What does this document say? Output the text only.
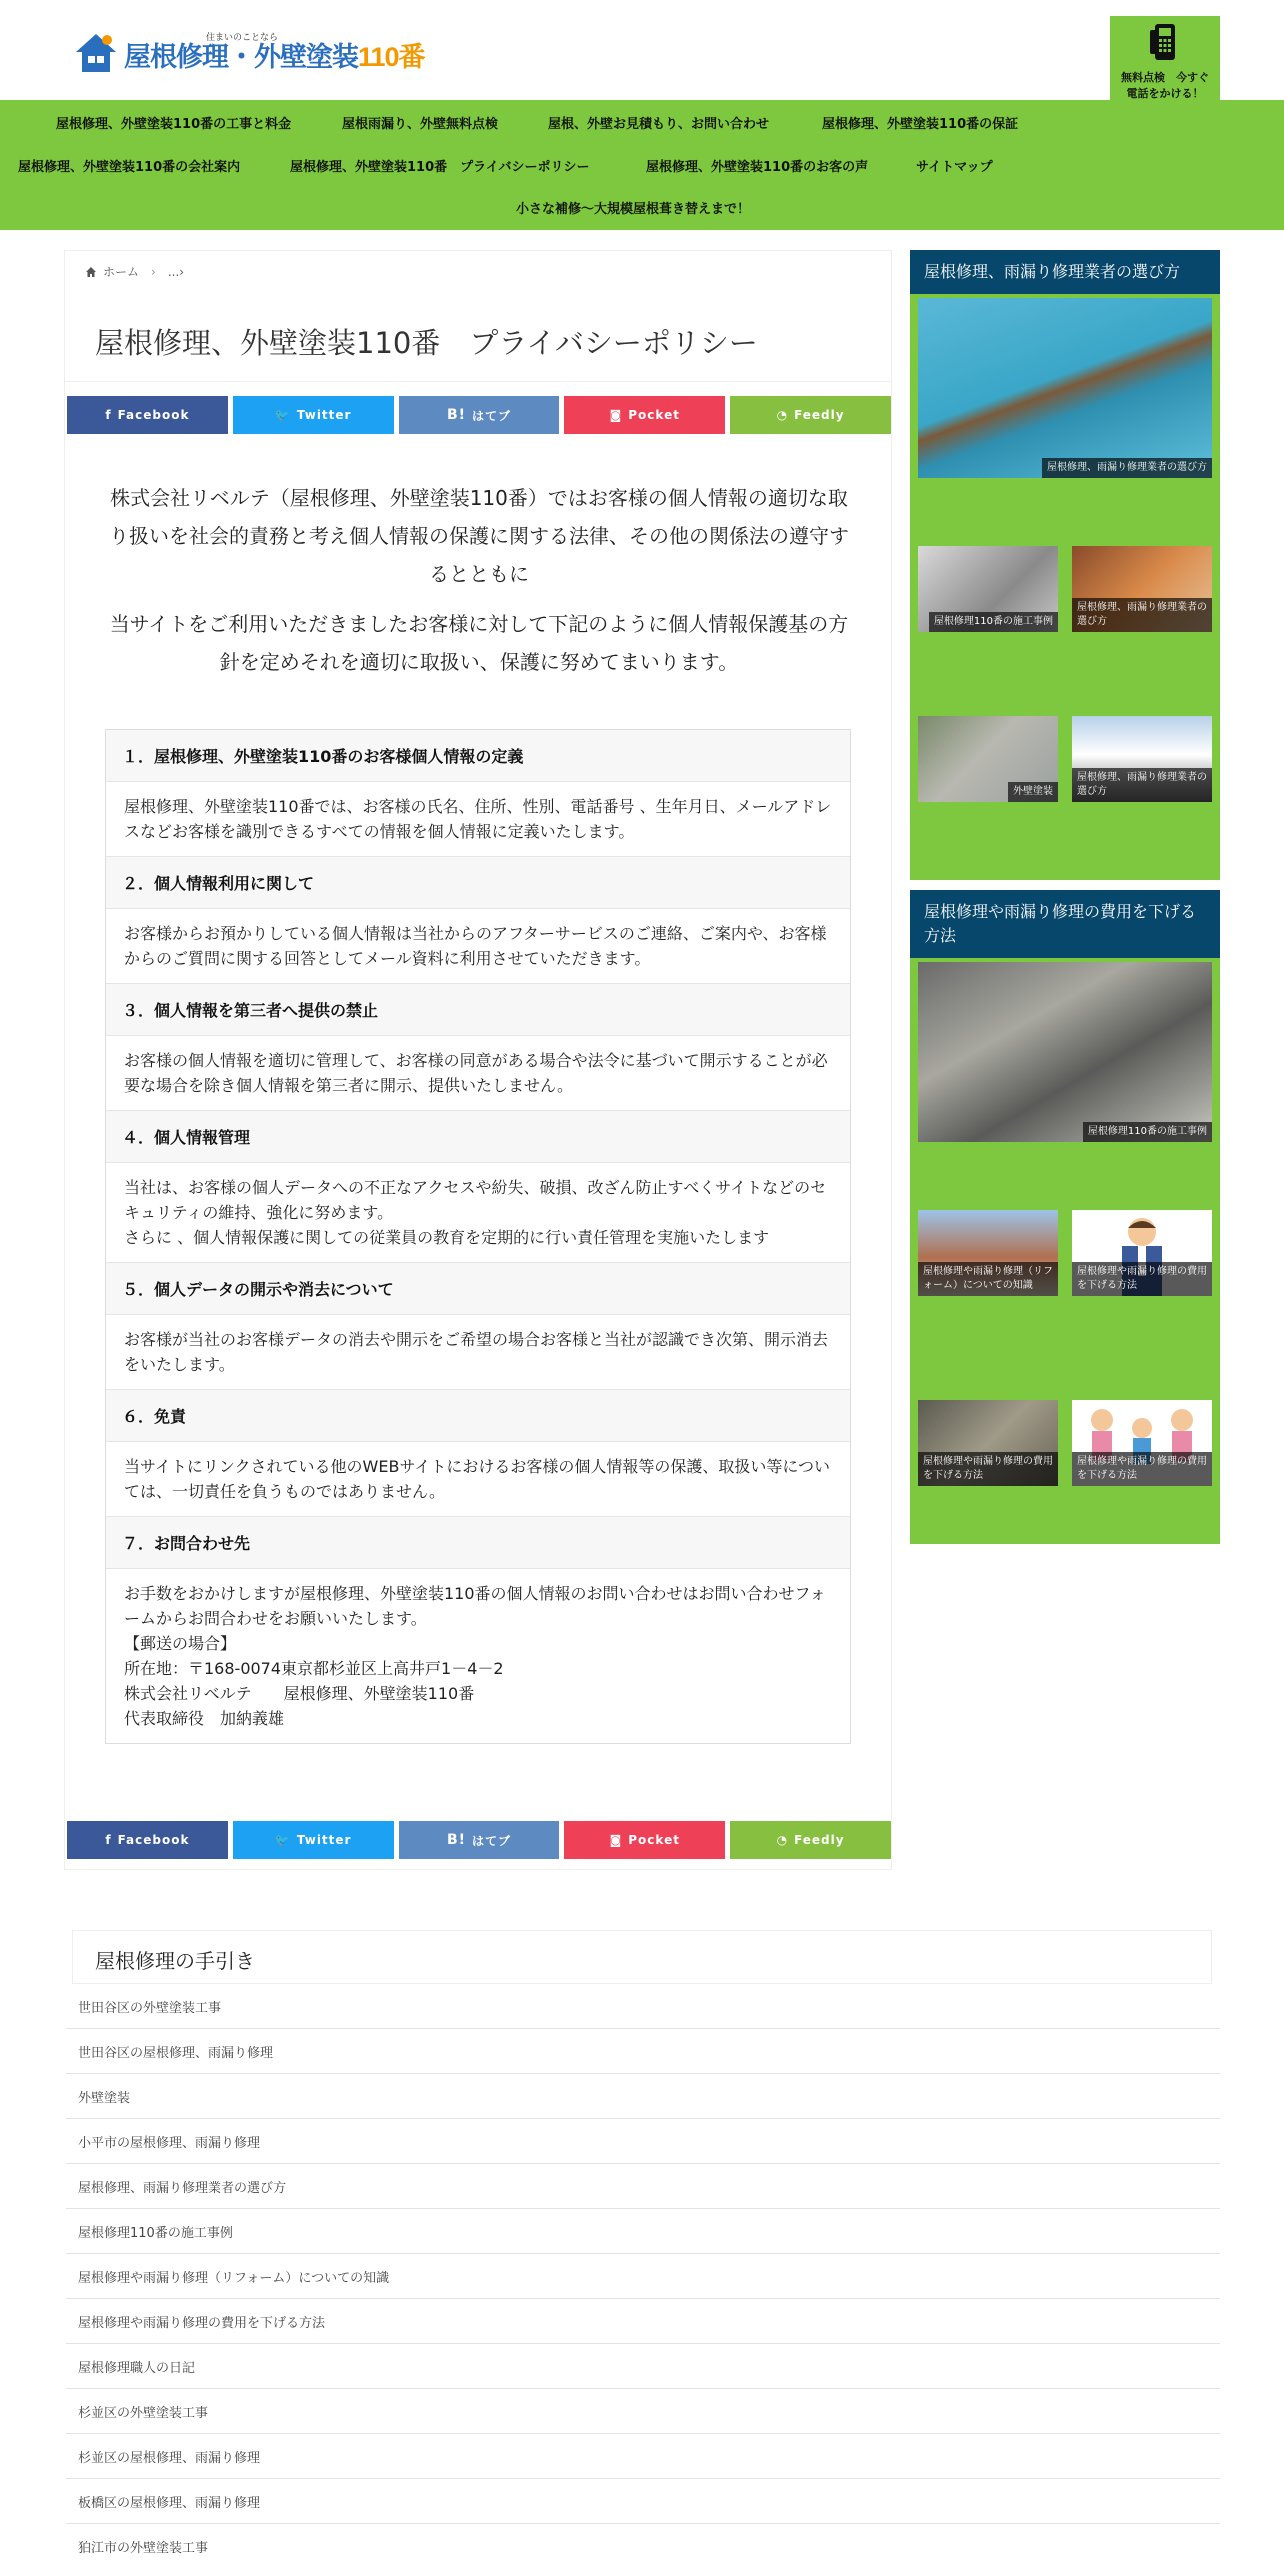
住まいのことなら
屋根修理・外壁塗装110番
無料点検　今すぐ
電話をかける！
屋根修理、外壁塗装110番の工事と料金	屋根雨漏り、外壁無料点検	屋根、外壁お見積もり、お問い合わせ	屋根修理、外壁塗装110番の保証
屋根修理、外壁塗装110番の会社案内	屋根修理、外壁塗装110番　プライバシーポリシー	屋根修理、外壁塗装110番のお客の声	サイトマップ
小さな補修～大規模屋根葺き替えまで！
ホーム › ...›
屋根修理、外壁塗装110番　プライバシーポリシー
f Facebook	🐦 Twitter	B! はてブ	◙ Pocket	◔ Feedly

株式会社リベルテ（屋根修理、外壁塗装110番）ではお客様の個人情報の適切な取り扱いを社会的責務と考え個人情報の保護に関する法律、その他の関係法の遵守するとともに

当サイトをご利用いただきましたお客様に対して下記のように個人情報保護基の方針を定めそれを適切に取扱い、保護に努めてまいります。

１．屋根修理、外壁塗装110番のお客様個人情報の定義
屋根修理、外壁塗装110番では、お客様の氏名、住所、性別、電話番号 、生年月日、メールアドレスなどお客様を識別できるすべての情報を個人情報に定義いたします。
２．個人情報利用に関して
お客様からお預かりしている個人情報は当社からのアフターサービスのご連絡、ご案内や、お客様からのご質問に関する回答としてメール資料に利用させていただきます。
３．個人情報を第三者へ提供の禁止
お客様の個人情報を適切に管理して、お客様の同意がある場合や法令に基づいて開示することが必要な場合を除き個人情報を第三者に開示、提供いたしません。
４．個人情報管理
当社は、お客様の個人データへの不正なアクセスや紛失、破損、改ざん防止すべくサイトなどのセキュリティの維持、強化に努めます。
さらに 、個人情報保護に関しての従業員の教育を定期的に行い責任管理を実施いたします
５．個人データの開示や消去について
お客様が当社のお客様データの消去や開示をご希望の場合お客様と当社が認識でき次第、開示消去をいたします。
６．免責
当サイトにリンクされている他のWEBサイトにおけるお客様の個人情報等の保護、取扱い等については、一切責任を負うものではありません。
７．お問合わせ先
お手数をおかけしますが屋根修理、外壁塗装110番の個人情報のお問い合わせはお問い合わせフォームからお問合わせをお願いいたします。
【郵送の場合】
所在地：〒168-0074東京都杉並区上高井戸1－4－2
株式会社リベルテ　　屋根修理、外壁塗装110番
代表取締役　加納義雄
f Facebook	🐦 Twitter	B! はてブ	◙ Pocket	◔ Feedly
屋根修理、雨漏り修理業者の選び方
屋根修理、雨漏り修理業者の選び方
屋根修理110番の施工事例
屋根修理、雨漏り修理業者の選び方
外壁塗装
屋根修理、雨漏り修理業者の選び方
屋根修理や雨漏り修理の費用を下げる方法
屋根修理110番の施工事例
屋根修理や雨漏り修理（リフォーム）についての知識
屋根修理や雨漏り修理の費用を下げる方法
屋根修理や雨漏り修理の費用を下げる方法
屋根修理や雨漏り修理の費用を下げる方法
屋根修理の手引き
世田谷区の外壁塗装工事
世田谷区の屋根修理、雨漏り修理
外壁塗装
小平市の屋根修理、雨漏り修理
屋根修理、雨漏り修理業者の選び方
屋根修理110番の施工事例
屋根修理や雨漏り修理（リフォーム）についての知識
屋根修理や雨漏り修理の費用を下げる方法
屋根修理職人の日記
杉並区の外壁塗装工事
杉並区の屋根修理、雨漏り修理
板橋区の屋根修理、雨漏り修理
狛江市の外壁塗装工事
